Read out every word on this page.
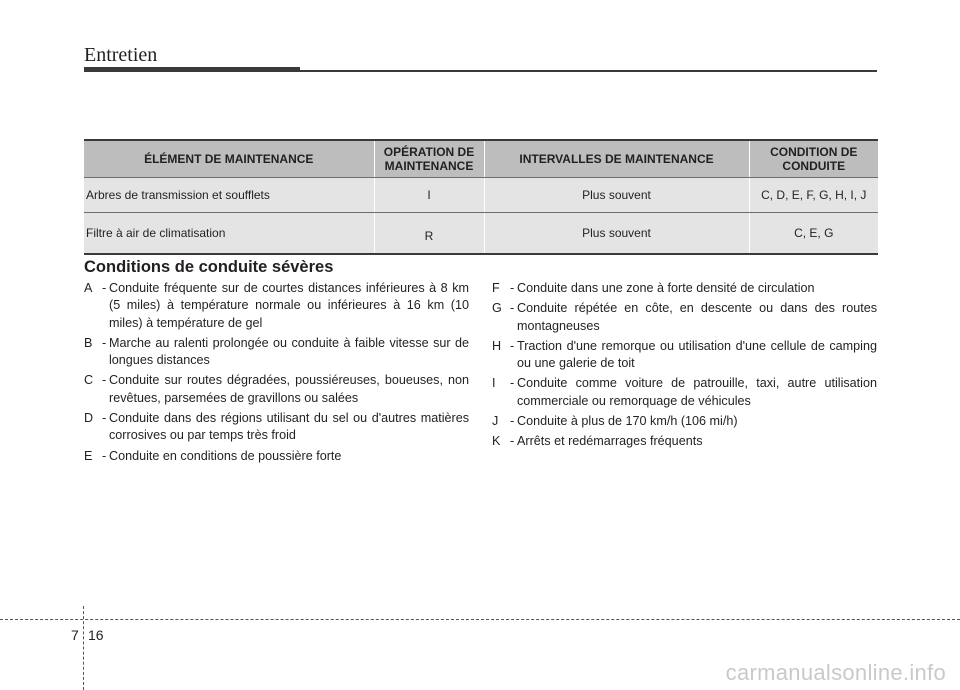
Entretien
ÉLÉMENT DE MAINTENANCE	OPÉRATION DE MAINTENANCE	INTERVALLES DE MAINTENANCE	CONDITION DE CONDUITE
Arbres de transmission et soufflets	I	Plus souvent	C, D, E, F, G, H, I, J
Filtre à air de climatisation	R	Plus souvent	C, E, G
Conditions de conduite sévères
A - Conduite fréquente sur de courtes distances inférieures à 8 km (5 miles) à température normale ou inférieures à 16 km (10 miles) à température de gel
B - Marche au ralenti prolongée ou conduite à faible vitesse sur de longues distances
C - Conduite sur routes dégradées, poussiéreuses, boueuses, non revêtues, parsemées de gravillons ou salées
D - Conduite dans des régions utilisant du sel ou d'autres matières corrosives ou par temps très froid
E - Conduite en conditions de poussière forte
F - Conduite dans une zone à forte densité de circulation
G - Conduite répétée en côte, en descente ou dans des routes montagneuses
H - Traction d'une remorque ou utilisation d'une cellule de camping ou une galerie de toit
I	- Conduite comme voiture de patrouille, taxi, autre utilisation commerciale ou remorquage de véhicules
J - Conduite à plus de 170 km/h (106 mi/h)
K - Arrêts et redémarrages fréquents
7 16
carmanualsonline.info
